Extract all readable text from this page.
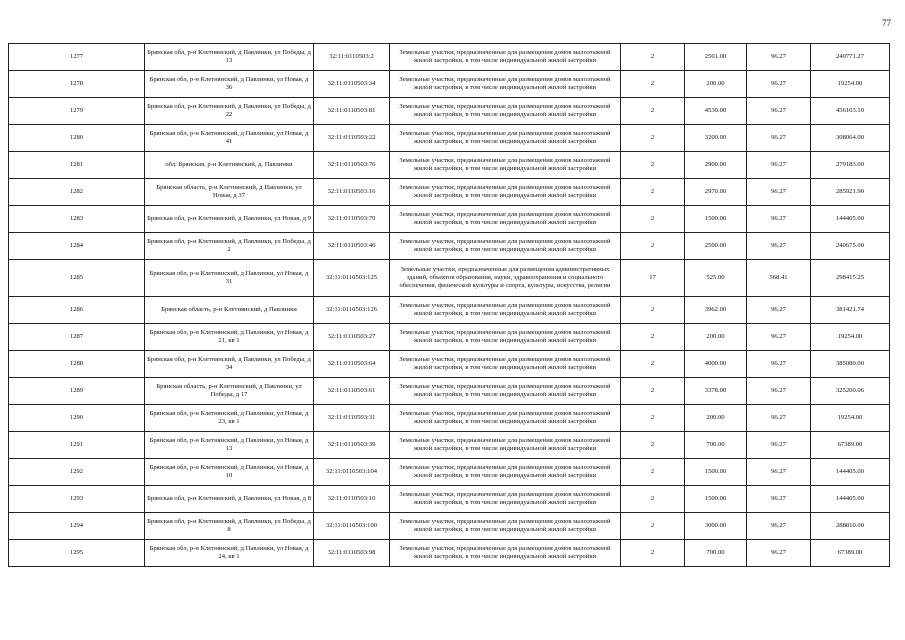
77
1277	Брянская обл, р-н Клетнянский, д Павлинки, ул Победы, д 13	32:11:0110503:2	Земельные участки, предназначенные для размещения домов малоэтажной жилой застройки, в том числе индивидуальной жилой застройки	2	2501.00	96.27	240771.27
1278	Брянская обл, р-н Клетнянский, д Павлинки, ул Новая, д 36	32:11:0110503:34	Земельные участки, предназначенные для размещения домов малоэтажной жилой застройки, в том числе индивидуальной жилой застройки	2	200.00	96.27	19254.00
1279	Брянская обл, р-н Клетнянский, д Павлинки, ул Победы, д 22	32:11:0110503:81	Земельные участки, предназначенные для размещения домов малоэтажной жилой застройки, в том числе индивидуальной жилой застройки	2	4530.00	96.27	436103.10
1280	Брянская обл, р-н Клетнянский, д Павлинки, ул Новая, д 41	32:11:0110503:22	Земельные участки, предназначенные для размещения домов малоэтажной жилой застройки, в том числе индивидуальной жилой застройки	2	3200.00	96.27	308064.00
1281	обл. Брянская, р-н Клетнянский, д. Павлинки	32:11:0110503:76	Земельные участки, предназначенные для размещения домов малоэтажной жилой застройки, в том числе индивидуальной жилой застройки	2	2900.00	96.27	279183.00
1282	Брянская область, р-н Клетнянский, д Павлинки, ул Новая, д 37	32:11:0110503:16	Земельные участки, предназначенные для размещения домов малоэтажной жилой застройки, в том числе индивидуальной жилой застройки	2	2970.00	96.27	285921.90
1283	Брянская обл, р-н Клетнянский, д Павлинки, ул Новая, д 9	32:11:0110503:79	Земельные участки, предназначенные для размещения домов малоэтажной жилой застройки, в том числе индивидуальной жилой застройки	2	1500.00	96.27	144405.00
1284	Брянская обл, р-н Клетнянский, д Павлинки, ул Победы, д 2	32:11:0110503:46	Земельные участки, предназначенные для размещения домов малоэтажной жилой застройки, в том числе индивидуальной жилой застройки	2	2500.00	96.27	240675.00
1285	Брянская обл, р-н Клетнянский, д Павлинки, ул Новая, д 31	32:11:0110503:125	Земельные участки, предназначенные для размещения административных зданий, объектов образования, науки, здравоохранения и социального обеспечения, физической культуры и спорта, культуры, искусства, религии	17	525.00	568.41	298415.25
1286	Брянская область, р-н Клетнянский, д Павлинки	32:11:0110503:126	Земельные участки, предназначенные для размещения домов малоэтажной жилой застройки, в том числе индивидуальной жилой застройки	2	3962.00	96.27	381421.74
1287	Брянская обл, р-н Клетнянский, д Павлинки, ул Новая, д 21, кв 1	32:11:0110503:27	Земельные участки, предназначенные для размещения домов малоэтажной жилой застройки, в том числе индивидуальной жилой застройки	2	200.00	96.27	19254.00
1288	Брянская обл, р-н Клетнянский, д Павлинки, ул Победы, д 34	32:11:0110503:64	Земельные участки, предназначенные для размещения домов малоэтажной жилой застройки, в том числе индивидуальной жилой застройки	2	4000.00	96.27	385080.00
1289	Брянская область, р-н Клетнянский, д Павлинки, ул Победы, д 17	32:11:0110503:61	Земельные участки, предназначенные для размещения домов малоэтажной жилой застройки, в том числе индивидуальной жилой застройки	2	3378.00	96.27	325200.06
1290	Брянская обл, р-н Клетнянский, д Павлинки, ул Новая, д 23, кв 1	32:11:0110503:31	Земельные участки, предназначенные для размещения домов малоэтажной жилой застройки, в том числе индивидуальной жилой застройки	2	200.00	96.27	19254.00
1291	Брянская обл, р-н Клетнянский, д Павлинки, ул Новая, д 13	32:11:0110503:39	Земельные участки, предназначенные для размещения домов малоэтажной жилой застройки, в том числе индивидуальной жилой застройки	2	700.00	96.27	67389.00
1292	Брянская обл, р-н Клетнянский, д Павлинки, ул Новая, д 10	32:11:0110503:104	Земельные участки, предназначенные для размещения домов малоэтажной жилой застройки, в том числе индивидуальной жилой застройки	2	1500.00	96.27	144405.00
1293	Брянская обл, р-н Клетнянский, д Павлинки, ул Новая, д 8	32:11:0110503:10	Земельные участки, предназначенные для размещения домов малоэтажной жилой застройки, в том числе индивидуальной жилой застройки	2	1500.00	96.27	144405.00
1294	Брянская обл, р-н Клетнянский, д Павлинки, ул Победы, д 8	32:11:0110503:100	Земельные участки, предназначенные для размещения домов малоэтажной жилой застройки, в том числе индивидуальной жилой застройки	2	3000.00	96.27	288810.00
1295	Брянская обл, р-н Клетнянский, д Павлинки, ул Новая, д 24, кв 1	32:11:0110503:98	Земельные участки, предназначенные для размещения домов малоэтажной жилой застройки, в том числе индивидуальной жилой застройки	2	700.00	96.27	67389.00
